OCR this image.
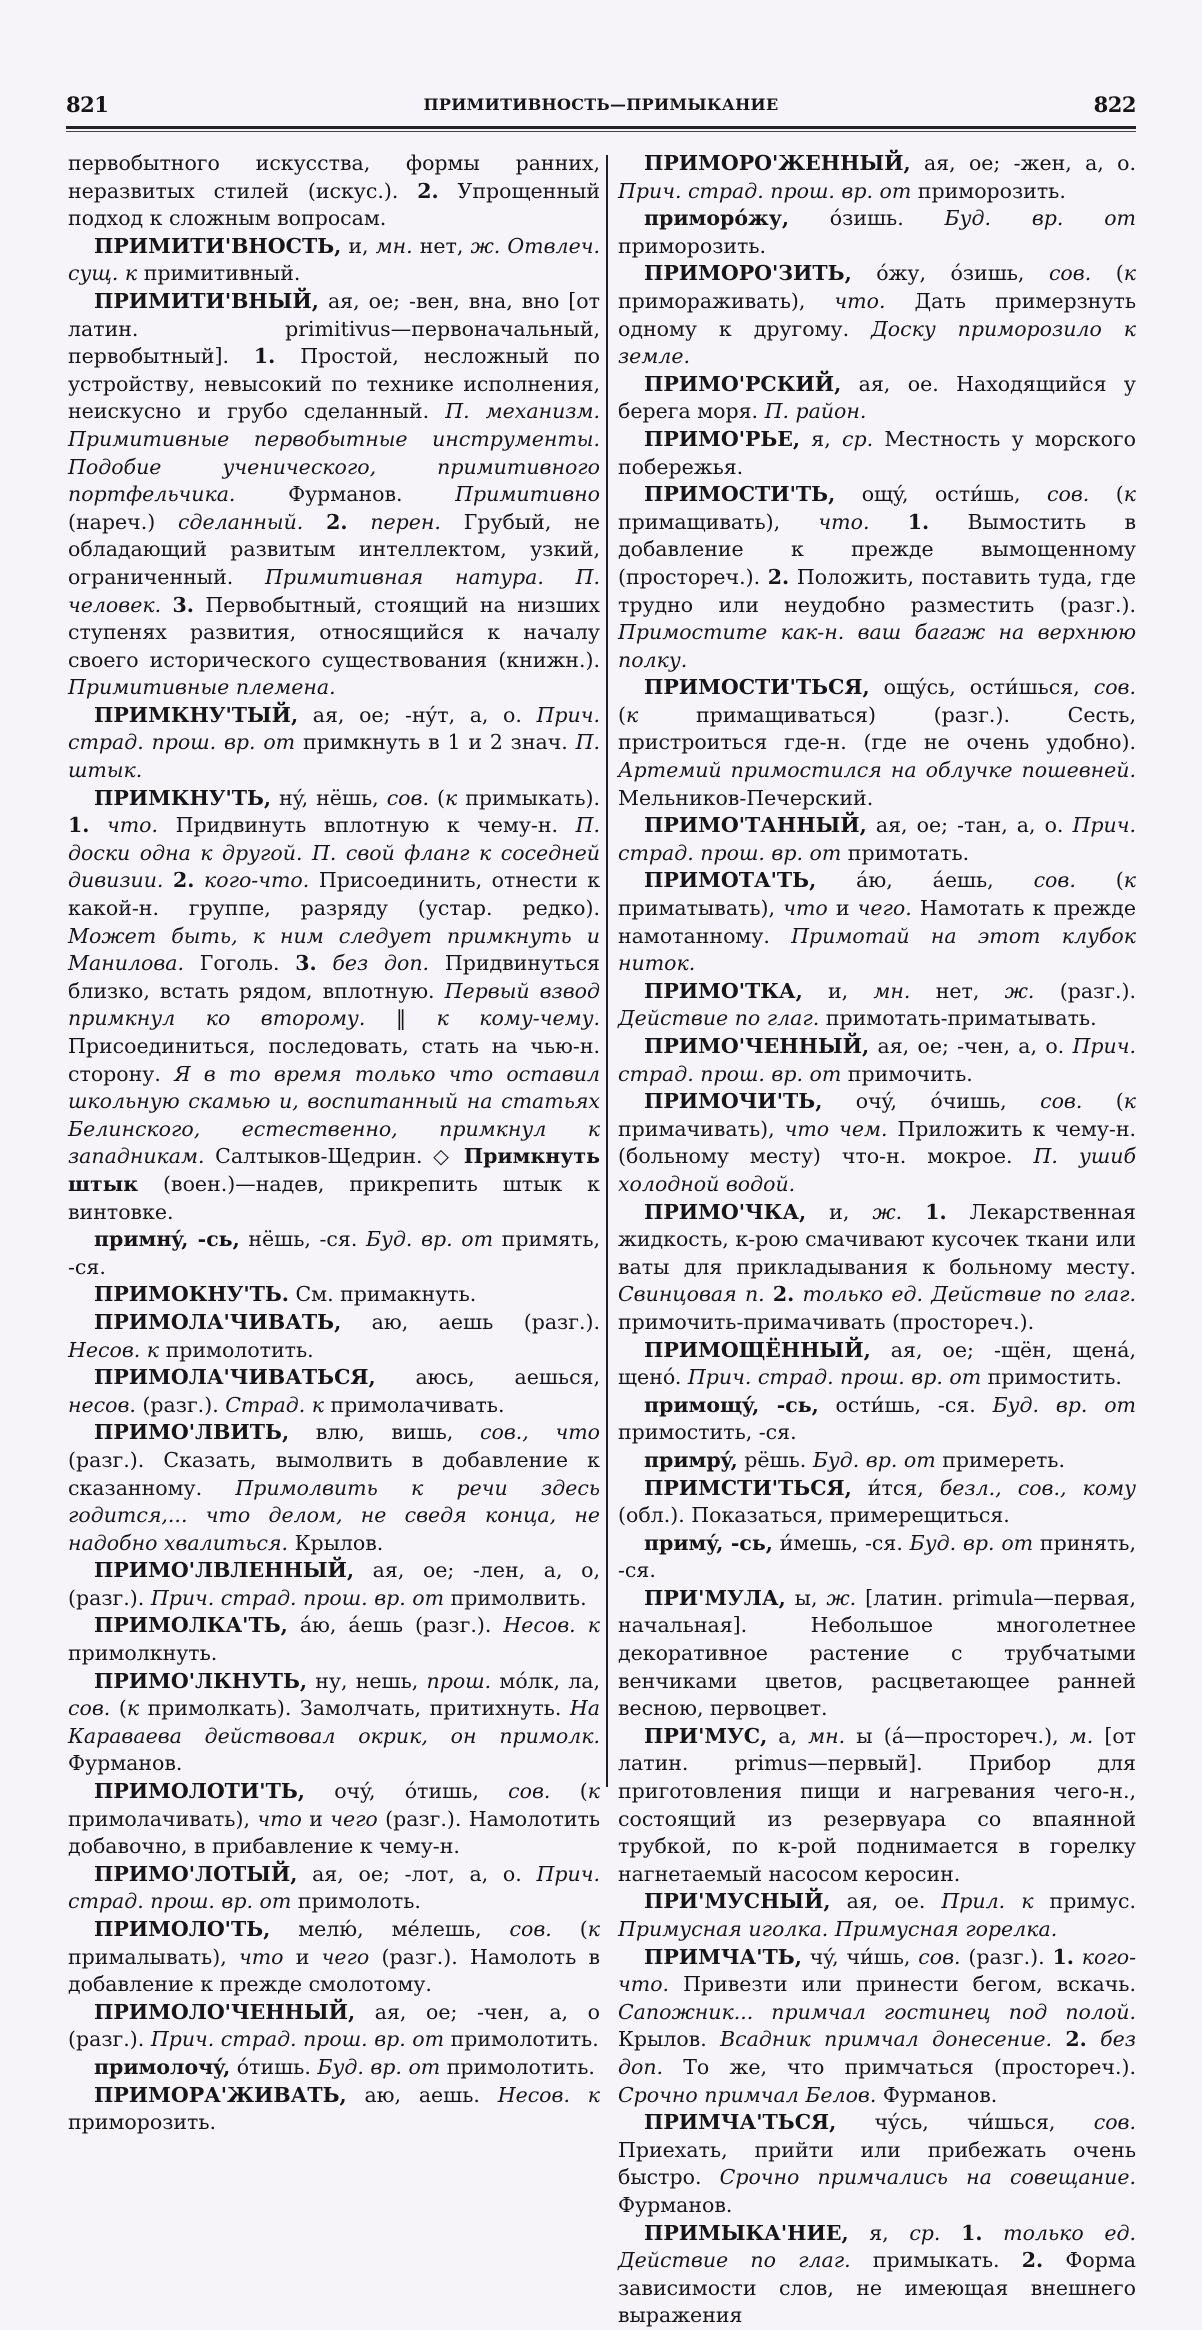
821	ПРИМИТИВНОСТЬ—ПРИМЫКАНИЕ	822

первобытного искусства, формы ранних, неразвитых стилей (искус.). 2. Упрощенный подход к сложным вопросам.

ПРИМИТИ'ВНОСТЬ, и, мн. нет, ж. Отвлеч. сущ. к примитивный.

ПРИМИТИ'ВНЫЙ, ая, ое; -вен, вна, вно [от латин. primitivus—первоначальный, первобытный]. 1. Простой, несложный по устройству, невысокий по технике исполнения, неискусно и грубо сделанный. П. механизм. Примитивные первобытные инструменты. Подобие ученического, примитивного портфельчика. Фурманов. Примитивно (нареч.) сделанный. 2. перен. Грубый, не обладающий развитым интеллектом, узкий, ограниченный. Примитивная натура. П. человек. 3. Первобытный, стоящий на низших ступенях развития, относящийся к началу своего исторического существования (книжн.). Примитивные племена.

ПРИМКНУ'ТЫЙ, ая, ое; -нýт, а, о. Прич. страд. прош. вр. от примкнуть в 1 и 2 знач. П. штык.

ПРИМКНУ'ТЬ, нý, нёшь, сов. (к примыкать). 1. что. Придвинуть вплотную к чему-н. П. доски одна к другой. П. свой фланг к соседней дивизии. 2. кого-что. Присоединить, отнести к какой-н. группе, разряду (устар. редко). Может быть, к ним следует примкнуть и Манилова. Гоголь. 3. без доп. Придвинуться близко, встать рядом, вплотную. Первый взвод примкнул ко второму. ‖ к кому-чему. Присоединиться, последовать, стать на чью-н. сторону. Я в то время только что оставил школьную скамью и, воспитанный на статьях Белинского, естественно, примкнул к западникам. Салтыков-Щедрин. ◇ Примкнуть штык (воен.)—надев, прикрепить штык к винтовке.

примнý, -сь, нёшь, -ся. Буд. вр. от примять, -ся.

ПРИМОКНУ'ТЬ. См. примакнуть.

ПРИМОЛА'ЧИВАТЬ, аю, аешь (разг.). Несов. к примолотить.

ПРИМОЛА'ЧИВАТЬСЯ, аюсь, аешься, несов. (разг.). Страд. к примолачивать.

ПРИМО'ЛВИТЬ, влю, вишь, сов., что (разг.). Сказать, вымолвить в добавление к сказанному. Примолвить к речи здесь годится,... что делом, не сведя конца, не надобно хвалиться. Крылов.

ПРИМО'ЛВЛЕННЫЙ, ая, ое; -лен, а, о, (разг.). Прич. страд. прош. вр. от примолвить.

ПРИМОЛКА'ТЬ, áю, áешь (разг.). Несов. к примолкнуть.

ПРИМО'ЛКНУТЬ, ну, нешь, прош. мóлк, ла, сов. (к примолкать). Замолчать, притихнуть. На Караваева действовал окрик, он примолк. Фурманов.

ПРИМОЛОТИ'ТЬ, очý, óтишь, сов. (к примолачивать), что и чего (разг.). Намолотить добавочно, в прибавление к чему-н.

ПРИМО'ЛОТЫЙ, ая, ое; -лот, а, о. Прич. страд. прош. вр. от примолоть.

ПРИМОЛО'ТЬ, мелю́, мéлешь, сов. (к прималывать), что и чего (разг.). Намолоть в добавление к прежде смолотому.

ПРИМОЛО'ЧЕННЫЙ, ая, ое; -чен, а, о (разг.). Прич. страд. прош. вр. от примолотить.

примолочý, óтишь. Буд. вр. от примолотить.

ПРИМОРА'ЖИВАТЬ, аю, аешь. Несов. к приморозить.

ПРИМОРО'ЖЕННЫЙ, ая, ое; -жен, а, о. Прич. страд. прош. вр. от приморозить.

приморóжу, óзишь. Буд. вр. от приморозить.

ПРИМОРО'ЗИТЬ, óжу, óзишь, сов. (к примораживать), что. Дать примерзнуть одному к другому. Доску приморозило к земле.

ПРИМО'РСКИЙ, ая, ое. Находящийся у берега моря. П. район.

ПРИМО'РЬЕ, я, ср. Местность у морского побережья.

ПРИМОСТИ'ТЬ, ощý, ости́шь, сов. (к примащивать), что. 1. Вымостить в добавление к прежде вымощенному (простореч.). 2. Положить, поставить туда, где трудно или неудобно разместить (разг.). Примостите как-н. ваш багаж на верхнюю полку.

ПРИМОСТИ'ТЬСЯ, ощýсь, ости́шься, сов. (к примащиваться) (разг.). Сесть, пристроиться где-н. (где не очень удобно). Артемий примостился на облучке пошевней. Мельников-Печерский.

ПРИМО'ТАННЫЙ, ая, ое; -тан, а, о. Прич. страд. прош. вр. от примотать.

ПРИМОТА'ТЬ, áю, áешь, сов. (к приматывать), что и чего. Намотать к прежде намотанному. Примотай на этот клубок ниток.

ПРИМО'ТКА, и, мн. нет, ж. (разг.). Действие по глаг. примотать-приматывать.

ПРИМО'ЧЕННЫЙ, ая, ое; -чен, а, о. Прич. страд. прош. вр. от примочить.

ПРИМОЧИ'ТЬ, очý, óчишь, сов. (к примачивать), что чем. Приложить к чему-н. (больному месту) что-н. мокрое. П. ушиб холодной водой.

ПРИМО'ЧКА, и, ж. 1. Лекарственная жидкость, к-рою смачивают кусочек ткани или ваты для прикладывания к больному месту. Свинцовая п. 2. только ед. Действие по глаг. примочить-примачивать (простореч.).

ПРИМОЩЁННЫЙ, ая, ое; -щён, щенá, щенó. Прич. страд. прош. вр. от примостить.

примощý, -сь, ости́шь, -ся. Буд. вр. от примостить, -ся.

примрý, рёшь. Буд. вр. от примереть.

ПРИМСТИ'ТЬСЯ, и́тся, безл., сов., кому (обл.). Показаться, примерещиться.

примý, -сь, и́мешь, -ся. Буд. вр. от принять, -ся.

ПРИ'МУЛА, ы, ж. [латин. primula—первая, начальная]. Небольшое многолетнее декоративное растение с трубчатыми венчиками цветов, расцветающее ранней весною, первоцвет.

ПРИ'МУС, а, мн. ы (á—простореч.), м. [от латин. primus—первый]. Прибор для приготовления пищи и нагревания чего-н., состоящий из резервуара со впаянной трубкой, по к-рой поднимается в горелку нагнетаемый насосом керосин.

ПРИ'МУСНЫЙ, ая, ое. Прил. к примус. Примусная иголка. Примусная горелка.

ПРИМЧА'ТЬ, чý, чи́шь, сов. (разг.). 1. кого-что. Привезти или принести бегом, вскачь. Сапожник... примчал гостинец под полой. Крылов. Всадник примчал донесение. 2. без доп. То же, что примчаться (простореч.). Срочно примчал Белов. Фурманов.

ПРИМЧА'ТЬСЯ, чýсь, чи́шься, сов. Приехать, прийти или прибежать очень быстро. Срочно примчались на совещание. Фурманов.

ПРИМЫКА'НИЕ, я, ср. 1. только ед. Действие по глаг. примыкать. 2. Форма зависимости слов, не имеющая внешнего выражения
